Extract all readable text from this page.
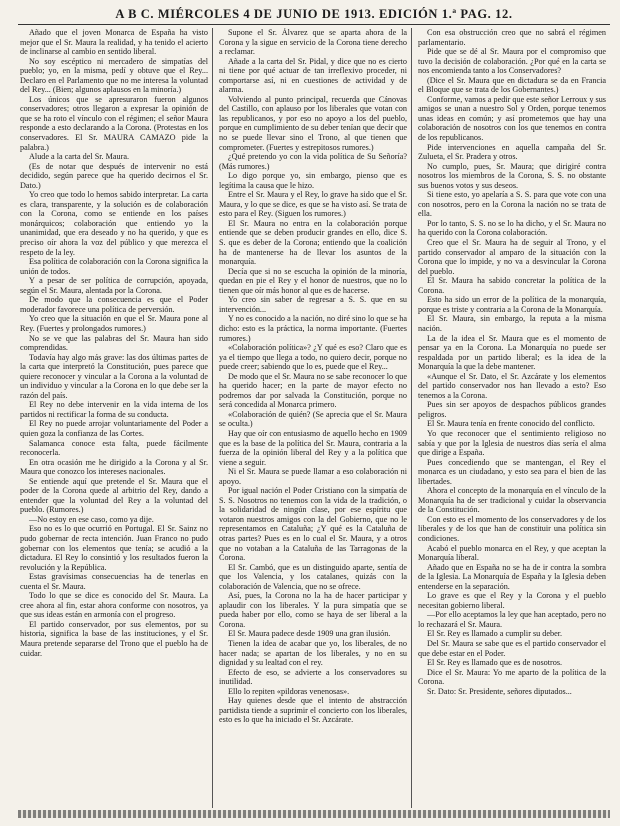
A B C. MIÉRCOLES 4 DE JUNIO DE 1913. EDICIÓN 1.ª PAG. 12.

Añado que el joven Monarca de España ha visto mejor que el Sr. Maura la realidad, y ha tenido el acierto de inclinarse al cambio en sentido liberal.

No soy escéptico ni mercadero de simpatías del pueblo; yo, en la misma, pedí y obtuve que el Rey... Declaro en el Parlamento que no me interesa la voluntad del Rey... (Bien; algunos aplausos en la minoría.)

Los únicos que se apresuraron fueron algunos conservadores; otros llegaron a expresar la opinión de que se ha roto el vínculo con el régimen; el señor Maura responde a esto declarando a la Corona. (Protestas en los conservadores. El Sr. MAURA CAMAZO pide la palabra.)

Alude a la carta del Sr. Maura.

(Es de notar que después de intervenir no está decidido, según parece que ha querido decirnos el Sr. Dato.)

Yo creo que todo lo hemos sabido interpretar. La carta es clara, transparente, y la solución es de colaboración con la Corona, como se entiende en los países monárquicos; colaboración que entiendo yo la unanimidad, que era deseado y no ha querido, y que es preciso oír ahora la voz del público y que merezca el respeto de la ley.

Esa política de colaboración con la Corona significa la unión de todos.

Y a pesar de ser política de corrupción, apoyada, según el Sr. Maura, alentada por la Corona.

De modo que la consecuencia es que el Poder moderador favorece una política de perversión.

Yo creo que la situación en que el Sr. Maura pone al Rey. (Fuertes y prolongados rumores.)

No se ve que las palabras del Sr. Maura han sido comprendidas.

Todavía hay algo más grave: las dos últimas partes de la carta que interpretó la Constitución, pues parece que quiere reconocer y vincular a la Corona a la voluntad de un individuo y vincular a la Corona en lo que debe ser la razón del país.

El Rey no debe intervenir en la vida interna de los partidos ni rectificar la forma de su conducta.

El Rey no puede arrojar voluntariamente del Poder a quien goza la confianza de las Cortes.

Salamanca conoce esta falta, puede fácilmente reconocerla.

En otra ocasión me he dirigido a la Corona y al Sr. Maura que conozco los intereses nacionales.

Se entiende aquí que pretende el Sr. Maura que el poder de la Corona quede al arbitrio del Rey, dando a entender que la voluntad del Rey a la voluntad del pueblo. (Rumores.)

—No estoy en ese caso, como ya dije.

Eso no es lo que ocurrió en Portugal. El Sr. Sainz no pudo gobernar de recta intención. Juan Franco no pudo gobernar con los elementos que tenía; se acudió a la dictadura. El Rey lo consintió y los resultados fueron la revolución y la República.

Estas gravísimas consecuencias ha de tenerlas en cuenta el Sr. Maura.

Todo lo que se dice es conocido del Sr. Maura. La cree ahora al fin, estar ahora conforme con nosotros, ya que sus ideas están en armonía con el progreso.

El partido conservador, por sus elementos, por su historia, significa la base de las instituciones, y el Sr. Maura pretende separarse del Trono que el pueblo ha de cuidar.

Supone el Sr. Álvarez que se aparta ahora de la Corona y la sigue en servicio de la Corona tiene derecho a reclamar.

Añade a la carta del Sr. Pidal, y dice que no es cierto ni tiene por qué actuar de tan irreflexivo proceder, ni comportarse así, ni en cuestiones de actividad y de alarma.

Volviendo al punto principal, recuerda que Cánovas del Castillo, con aplauso por los liberales que votan con las republicanos, y por eso no apoyo a los del pueblo, porque en cumplimiento de su deber tenían que decir que no se puede llevar sino el Trono, al que tienen que comprometer. (Fuertes y estrepitosos rumores.)

¿Qué pretendo yo con la vida política de Su Señoría? (Más rumores.)

Lo digo porque yo, sin embargo, pienso que es legítima la causa que le hizo.

Entre el Sr. Maura y el Rey, lo grave ha sido que el Sr. Maura, y lo que se dice, es que se ha visto así. Se trata de esto para el Rey. (Siguen los rumores.)

El Sr. Maura no entra en la colaboración porque entiende que se deben producir grandes en ello, dice S. S. que es deber de la Corona; entiendo que la coalición ha de mantenerse ha de llevar los asuntos de la monarquía.

Decía que si no se escucha la opinión de la minoría, quedan en pie el Rey y el honor de nuestros, que no lo tienen que oír más honor al que es de hacerse.

Yo creo sin saber de regresar a S. S. que en su intervención...

Y no es conocido a la nación, no diré sino lo que se ha dicho: esto es la práctica, la norma importante. (Fuertes rumores.)

«Colaboración política»? ¿Y qué es eso? Claro que es ya el tiempo que llega a todo, no quiero decir, porque no puede creer; sabiendo que lo es, puede que el Rey...

De modo que el Sr. Maura no se sabe reconocer lo que ha querido hacer; en la parte de mayor efecto no podremos dar por salvada la Constitución, porque no será concedida al Monarca primero.

«Colaboración de quién? (Se aprecia que el Sr. Maura se oculta.)

Hay que oír con entusiasmo de aquello hecho en 1909 que es la base de la política del Sr. Maura, contraria a la fuerza de la opinión liberal del Rey y a la política que viene a seguir.

Ni el Sr. Maura se puede llamar a eso colaboración ni apoyo.

Por igual nación el Poder Cristiano con la simpatía de S. S. Nosotros no tenemos con la vida de la tradición, o la solidaridad de ningún clase, por ese espíritu que votaron nuestros amigos con la del Gobierno, que no le representamos en Cataluña; ¿Y qué es la Cataluña de otras partes? Pues es en lo cual el Sr. Maura, y a otros que no votaban a la Cataluña de las Tarragonas de la Corona.

El Sr. Cambó, que es un distinguido aparte, sentía de que los Valencia, y los catalanes, quizás con la colaboración de Valencia, que no se ofrece.

Así, pues, la Corona no la ha de hacer participar y aplaudir con los liberales. Y la pura simpatía que se pueda haber por ello, como se haya de ser liberal a la Corona.

El Sr. Maura padece desde 1909 una gran ilusión.

Tienen la idea de acabar que yo, los liberales, de no hacer nada; se apartan de los liberales, y no en su dignidad y su lealtad con el rey.

Efecto de eso, se advierte a los conservadores su inutilidad.

Ello lo repiten «pildoras venenosas».

Hay quienes desde que el intento de abstracción partidista tiende a suprimir el concierto con los liberales, esto es lo que ha iniciado el Sr. Azcárate.

Con esa obstrucción creo que no sabrá el régimen parlamentario.

Pide que se dé al Sr. Maura por el compromiso que tuvo la decisión de colaboración. ¿Por qué en la carta se nos encomienda tanto a los Conservadores?

(Dice el Sr. Maura que en dictadura se da en Francia el Bloque que se trata de los Gobernantes.)

Conforme, vamos a pedir que este señor Lerroux y sus amigos se unan a nuestro Sol y Orden, porque tenemos unas ideas en común; y así prometemos que hay una colaboración de nosotros con los que tenemos en contra de los republicanos.

Pide intervenciones en aquella campaña del Sr. Zulueta, el Sr. Pradera y otros.

No cumplo, pues, Sr. Maura; que dirigiré contra nosotros los miembros de la Corona, S. S. no obstante sus buenos votos y sus deseos.

Si tiene esto, yo apelaría a S. S. para que vote con una con nosotros, pero en la Corona la nación no se trata de ella.

Por lo tanto, S. S. no se lo ha dicho, y el Sr. Maura no ha querido con la Corona colaboración.

Creo que el Sr. Maura ha de seguir al Trono, y el partido conservador al amparo de la situación con la Corona que lo impide, y no va a desvincular la Corona del pueblo.

El Sr. Maura ha sabido concretar la política de la Corona.

Esto ha sido un error de la política de la monarquía, porque es triste y contraria a la Corona de la Monarquía.

El Sr. Maura, sin embargo, la reputa a la misma nación.

La de la idea el Sr. Maura que es el momento de pensar ya en la Corona. La Monarquía no puede ser respaldada por un partido liberal; es la idea de la Monarquía la que la debe mantener.

«Aunque el Sr. Dato, el Sr. Azcárate y los elementos del partido conservador nos han llevado a esto? Eso tenemos a la Corona.

Pues sin ser apoyos de despachos públicos grandes peligros.

El Sr. Maura tenía en frente conocido del conflicto.

Yo que reconocer que el sentimiento religioso no sabía y que por la Iglesia de nuestros días sería el alma que dirige a España.

Pues concediendo que se mantengan, el Rey el monarca es un ciudadano, y esto sea para el bien de las libertades.

Ahora el concepto de la monarquía en el vínculo de la Monarquía ha de ser tradicional y cuidar la observancia de la Constitución.

Con esto es el momento de los conservadores y de los liberales y de los que han de constituir una política sin condiciones.

Acabó el pueblo monarca en el Rey, y que aceptan la Monarquía liberal.

Añado que en España no se ha de ir contra la sombra de la Iglesia. La Monarquía de España y la Iglesia deben entenderse en la separación.

Lo grave es que el Rey y la Corona y el pueblo necesitan gobierno liberal.

—Por ello aceptamos la ley que han aceptado, pero no lo rechazará el Sr. Maura.

El Sr. Rey es llamado a cumplir su deber.

Del Sr. Maura se sabe que es el partido conservador el que debe estar en el Poder.

El Sr. Rey es llamado que es de nosotros.

Dice el Sr. Maura: Yo me aparto de la política de la Corona.

Sr. Dato: Sr. Presidente, señores diputados...
